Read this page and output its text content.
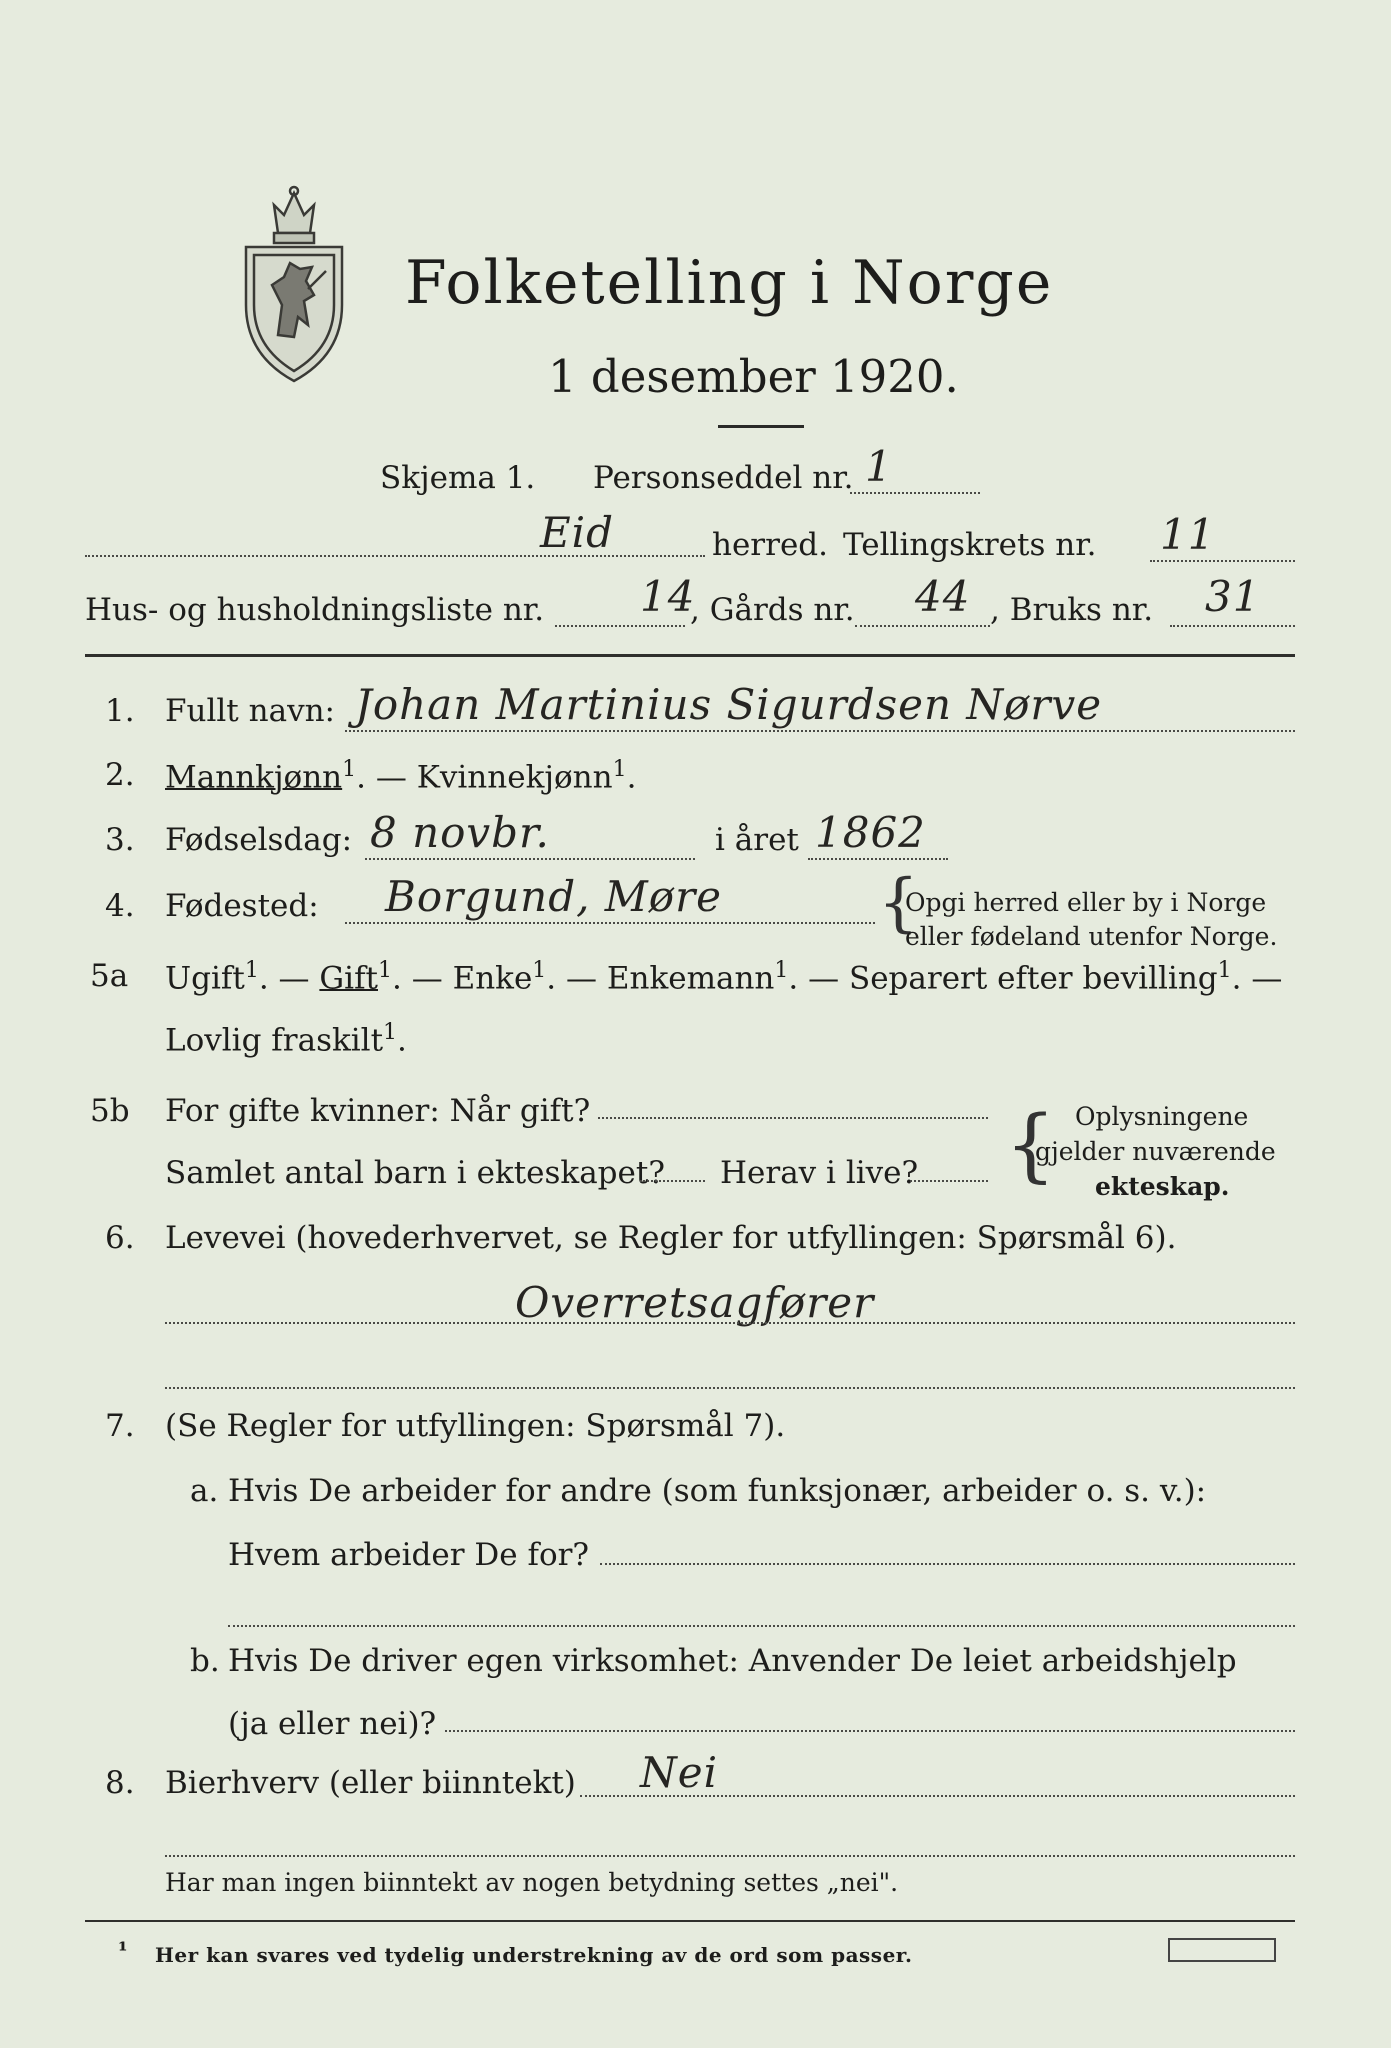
Folketelling i Norge
1 desember 1920.
Skjema 1. Personseddel nr. 1
Eid	herred. Tellingskrets nr. 11
Hus- og husholdningsliste nr. 14
, Gårds nr. 44 , Bruks nr. 31
1. Fullt navn: Johan Martinius Sigurdsen Nørve
2. Mannkjønn$^1$. — Kvinnekjønn$^1$.
3. Fødselsdag: 8 novbr.	i året 1862
4. Fødested: Borgund, Møre {
Opgi herred eller by i Norge
eller fødeland utenfor Norge.
5a Ugift$^1$. — Gift$^1$. — Enke$^1$. — Enkemann$^1$. — Separert efter bevilling$^1$. —
Lovlig fraskilt$^1$.
5b For gifte kvinner: Når gift?
Samlet antal barn i ekteskapet? Herav i live? { Oplysningene
gjelder nuværende
ekteskap.
6. Levevei (hovederhvervet, se Regler for utfyllingen: Spørsmål 6).
Overretsagfører
7. (Se Regler for utfyllingen: Spørsmål 7).
a. Hvis De arbeider for andre (som funksjonær, arbeider o. s. v.):
Hvem arbeider De for?
b. Hvis De driver egen virksomhet: Anvender De leiet arbeidshjelp
(ja eller nei)?
8. Bierhverv (eller biinntekt) Nei
Har man ingen biinntekt av nogen betydning settes „nei".
¹ Her kan svares ved tydelig understrekning av de ord som passer.
